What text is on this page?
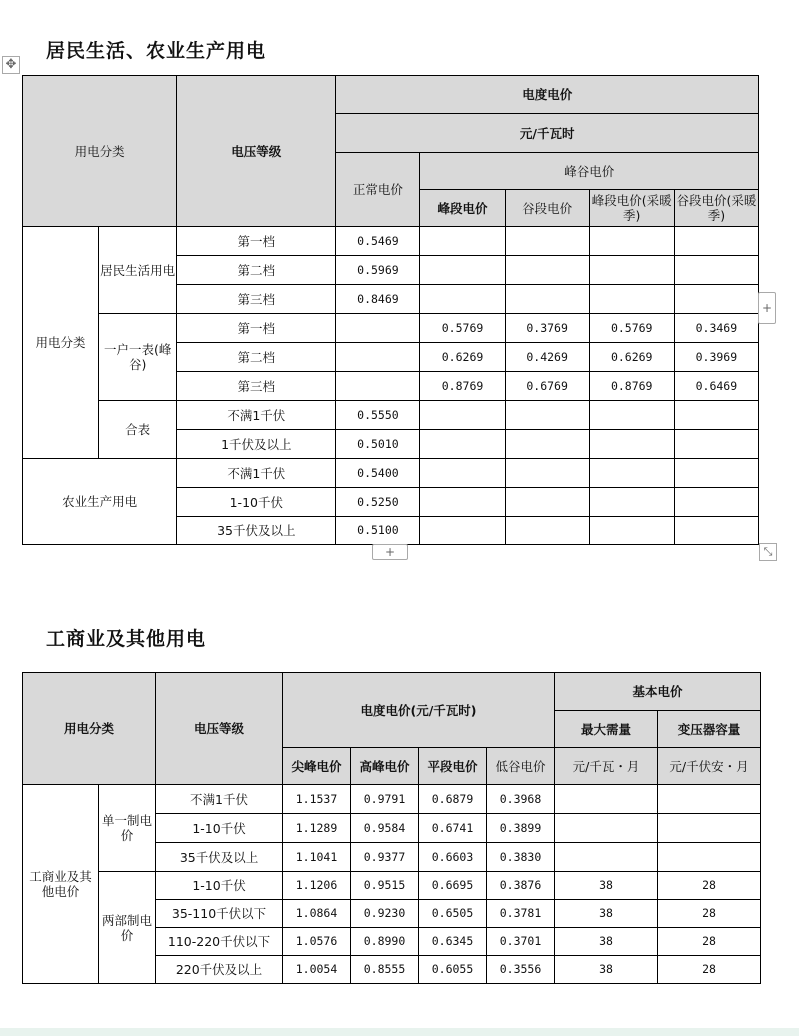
居民生活、农业生产用电
✥
用电分类		电压等级	电度电价				
			元/千瓦时				
			正常电价	峰谷电价			
				峰段电价	谷段电价	峰段电价(采暖季)	谷段电价(采暖季)
用电分类	居民生活用电	第一档	0.5469				
		第二档	0.5969				
		第三档	0.8469				
	一户一表(峰谷)	第一档		0.5769	0.3769	0.5769	0.3469
		第二档		0.6269	0.4269	0.6269	0.3969
		第三档		0.8769	0.6769	0.8769	0.6469
	合表	不满1千伏	0.5550				
		1千伏及以上	0.5010				
农业生产用电		不满1千伏	0.5400				
		1-10千伏	0.5250				
		35千伏及以上	0.5100				
+
+	⤡
工商业及其他用电
用电分类		电压等级	电度电价(元/千瓦时)				基本电价	
							最大需量	变压器容量
			尖峰电价	高峰电价	平段电价	低谷电价	元/千瓦・月	元/千伏安・月
工商业及其他电价	单一制电价	不满1千伏	1.1537	0.9791	0.6879	0.3968		
		1-10千伏	1.1289	0.9584	0.6741	0.3899		
		35千伏及以上	1.1041	0.9377	0.6603	0.3830		
	两部制电价	1-10千伏	1.1206	0.9515	0.6695	0.3876	38	28
		35-110千伏以下	1.0864	0.9230	0.6505	0.3781	38	28
		110-220千伏以下	1.0576	0.8990	0.6345	0.3701	38	28
		220千伏及以上	1.0054	0.8555	0.6055	0.3556	38	28
